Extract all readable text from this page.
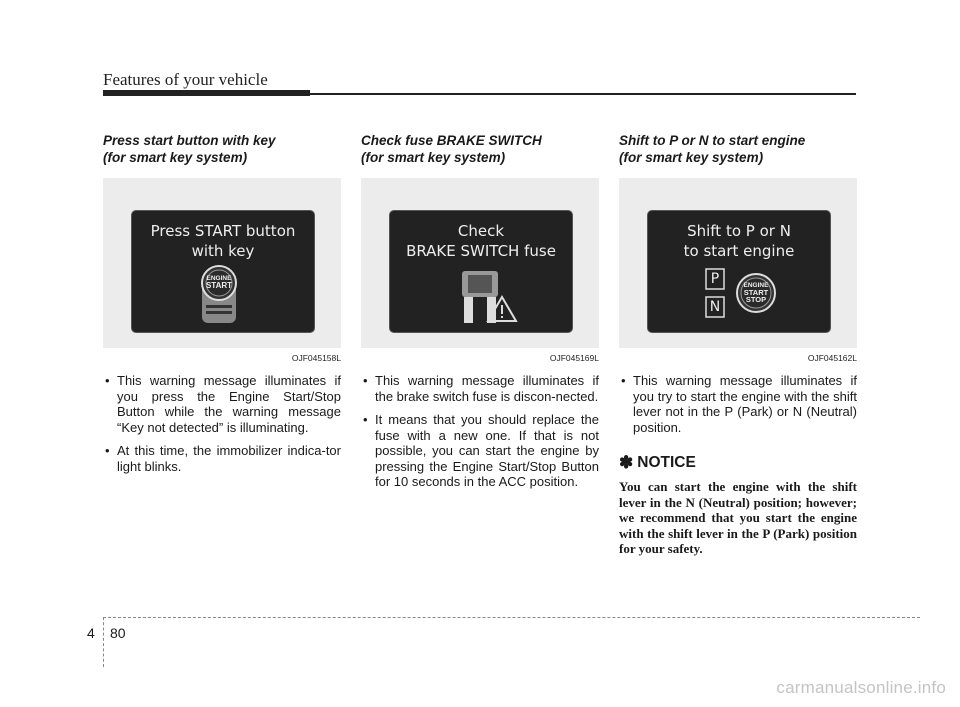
Features of your vehicle
Press start button with key
(for smart key system)
Press START button
with key
ENGINE
START
OJF045158L
• This warning message illuminates if you press the Engine Start/Stop Button while the warning message “Key not detected” is illuminating.
• At this time, the immobilizer indica-tor light blinks.
Check fuse BRAKE SWITCH
(for smart key system)
Check
BRAKE SWITCH fuse
OJF045169L
• This warning message illuminates if the brake switch fuse is discon-nected.
• It means that you should replace the fuse with a new one. If that is not possible, you can start the engine by pressing the Engine Start/Stop Button for 10 seconds in the ACC position.
Shift to P or N to start engine
(for smart key system)
Shift to P or N
to start engine
P
N
ENGINE
START
STOP
OJF045162L
• This warning message illuminates if you try to start the engine with the shift lever not in the P (Park) or N (Neutral) position.
✽ NOTICE

You can start the engine with the shift lever in the N (Neutral) position; however; we recommend that you start the engine with the shift lever in the P (Park) position for your safety.

4 80
carmanualsonline.info
